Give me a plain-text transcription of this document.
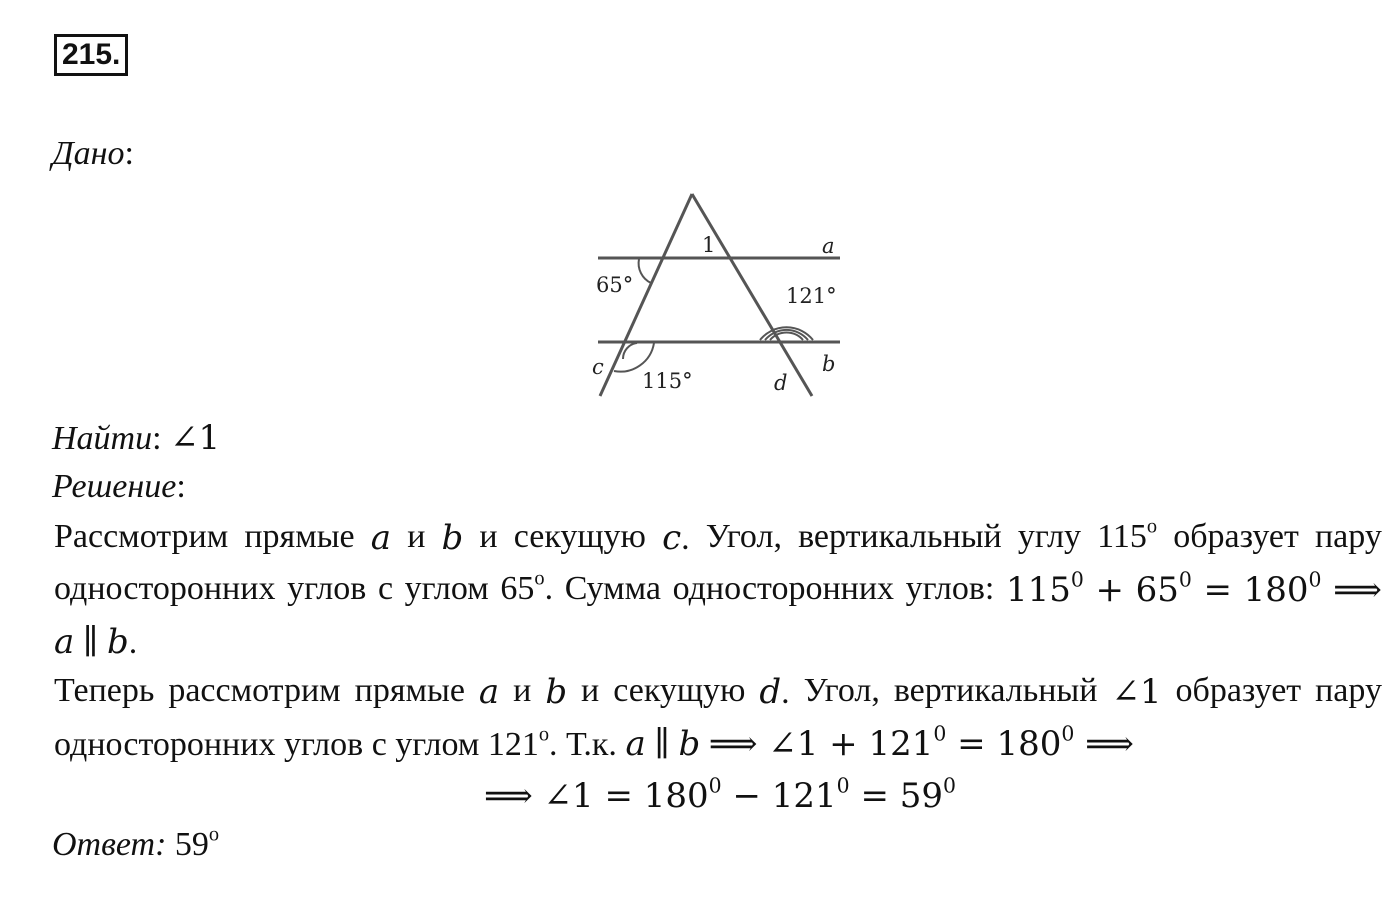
215.
Дано:
1	a
b
c
d
65°	121°
115°
Найти: ∠1
Решение:
Рассмотрим прямые a и b и секущую c. Угол, вертикальный углу 115$^o$ образует пару
односторонних углов с углом 65$^o$. Сумма односторонних углов: $115^0 + 65^0 = 180^0$ ⟹
a ∥ b.
Теперь рассмотрим прямые a и b и секущую d. Угол, вертикальный ∠1 образует пару
односторонних углов с углом 121$^o$. Т.к. a ∥ b ⟹ ∠1 + $121^0 = 180^0$ ⟹
⟹ ∠1 = $180^0 - 121^0 = 59^0$
Ответ: 59$^o$
